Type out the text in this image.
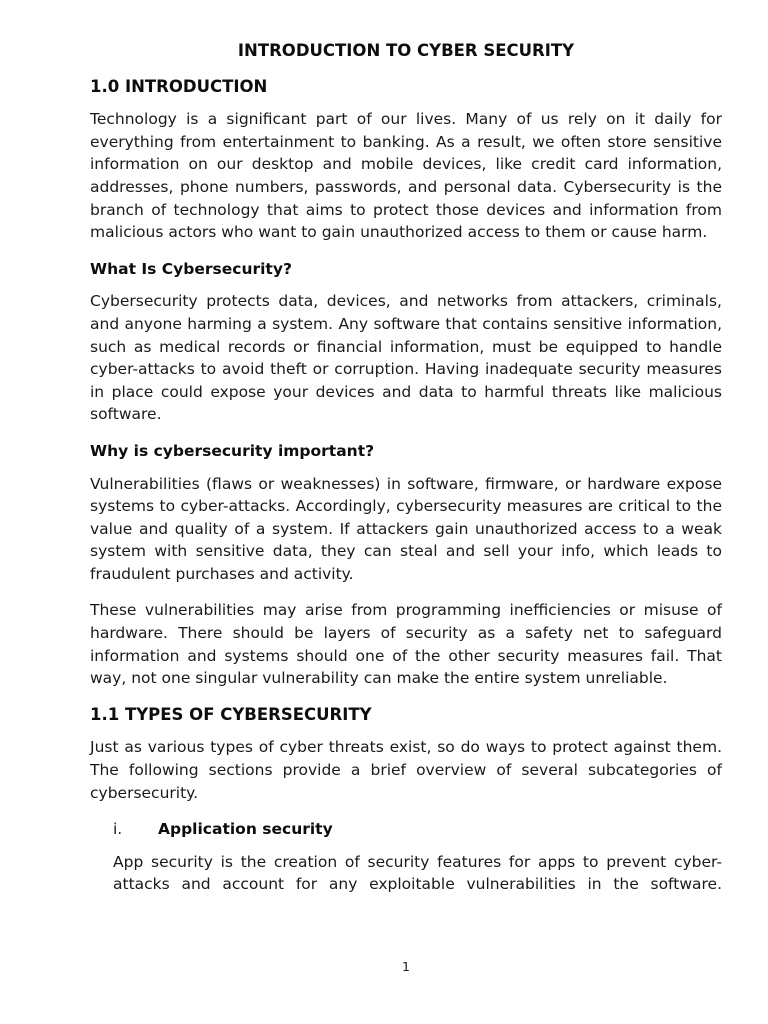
INTRODUCTION TO CYBER SECURITY
1.0 INTRODUCTION

Technology is a significant part of our lives. Many of us rely on it daily for everything from entertainment to banking. As a result, we often store sensitive information on our desktop and mobile devices, like credit card information, addresses, phone numbers, passwords, and personal data. Cybersecurity is the branch of technology that aims to protect those devices and information from malicious actors who want to gain unauthorized access to them or cause harm.

What Is Cybersecurity?

Cybersecurity protects data, devices, and networks from attackers, criminals, and anyone harming a system. Any software that contains sensitive information, such as medical records or financial information, must be equipped to handle cyber-attacks to avoid theft or corruption. Having inadequate security measures in place could expose your devices and data to harmful threats like malicious software.

Why is cybersecurity important?

Vulnerabilities (flaws or weaknesses) in software, firmware, or hardware expose systems to cyber-attacks. Accordingly, cybersecurity measures are critical to the value and quality of a system. If attackers gain unauthorized access to a weak system with sensitive data, they can steal and sell your info, which leads to fraudulent purchases and activity.

These vulnerabilities may arise from programming inefficiencies or misuse of hardware. There should be layers of security as a safety net to safeguard information and systems should one of the other security measures fail. That way, not one singular vulnerability can make the entire system unreliable.

1.1 TYPES OF CYBERSECURITY

Just as various types of cyber threats exist, so do ways to protect against them. The following sections provide a brief overview of several subcategories of cybersecurity.

i.	Application security

App security is the creation of security features for apps to prevent cyber-attacks and account for any exploitable vulnerabilities in the software.

1
